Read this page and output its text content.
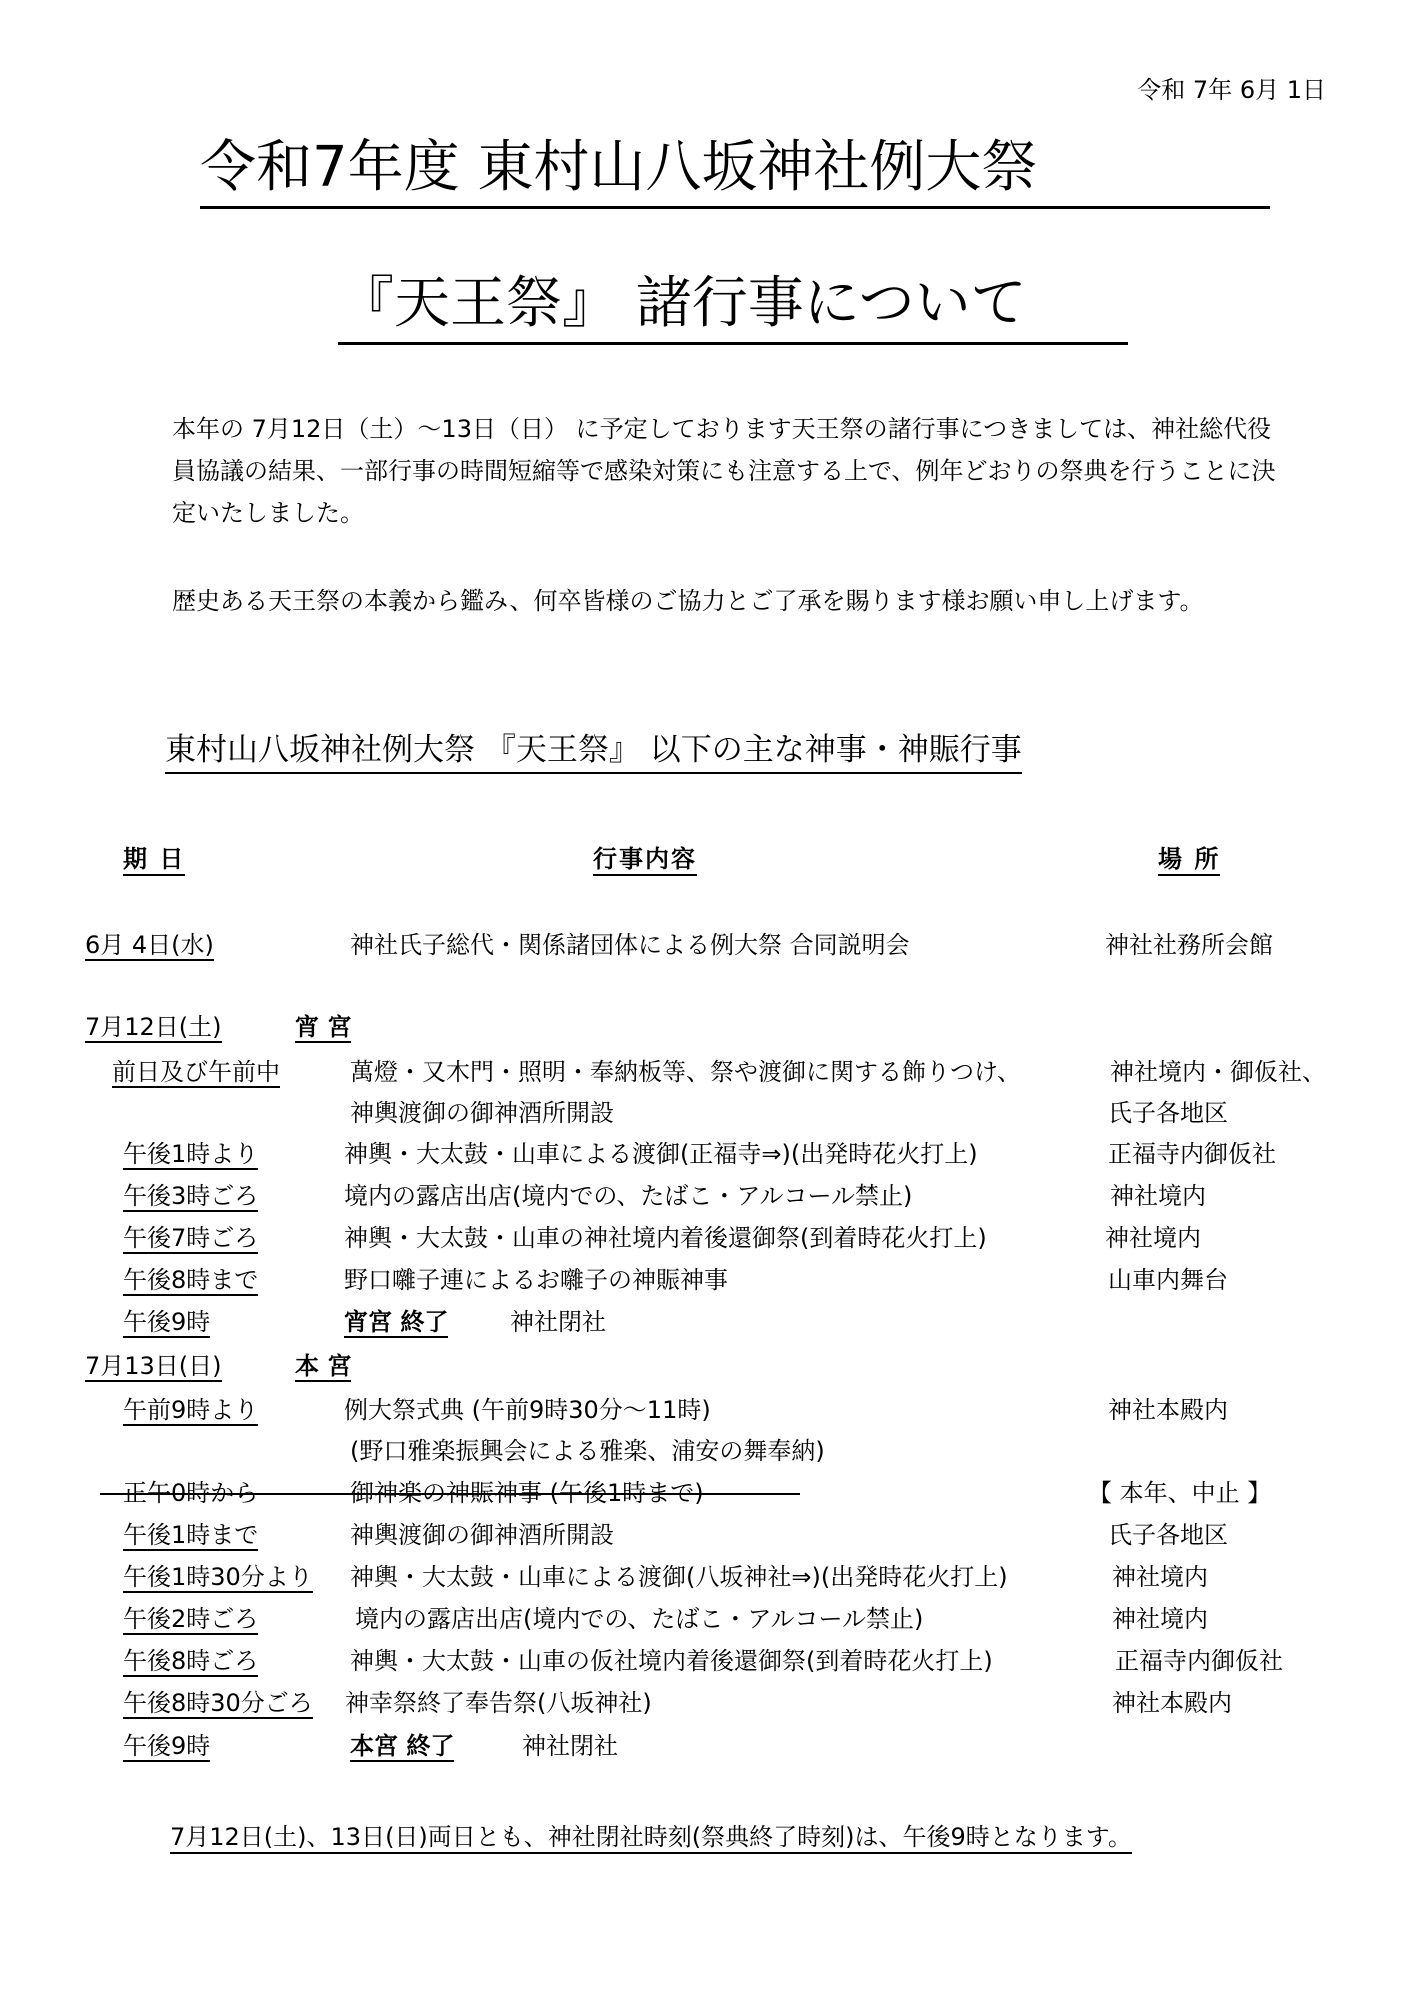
令和 7年 6月 1日
令和7年度 東村山八坂神社例大祭
『天王祭』 諸行事について
本年の 7月12日（土）～13日（日） に予定しております天王祭の諸行事につきましては、神社総代役員協議の結果、一部行事の時間短縮等で感染対策にも注意する上で、例年どおりの祭典を行うことに決定いたしました。
歴史ある天王祭の本義から鑑み、何卒皆様のご協力とご了承を賜ります様お願い申し上げます。
東村山八坂神社例大祭 『天王祭』 以下の主な神事・神賑行事
期 日	行事内容	場 所
6月 4日(水)	神社氏子総代・関係諸団体による例大祭 合同説明会	神社社務所会館
7月12日(土)	宵 宮
前日及び午前中	萬燈・又木門・照明・奉納板等、祭や渡御に関する飾りつけ、	神社境内・御仮社、
神輿渡御の御神酒所開設	氏子各地区
午後1時より	神輿・大太鼓・山車による渡御(正福寺⇒)(出発時花火打上)	正福寺内御仮社
午後3時ごろ	境内の露店出店(境内での、たばこ・アルコール禁止)	神社境内
午後7時ごろ	神輿・大太鼓・山車の神社境内着後還御祭(到着時花火打上)	神社境内
午後8時まで	野口囃子連によるお囃子の神賑神事	山車内舞台
午後9時	宵宮 終了	神社閉社
7月13日(日)	本 宮
午前9時より	例大祭式典 (午前9時30分～11時)	神社本殿内
(野口雅楽振興会による雅楽、浦安の舞奉納)
正午0時から	御神楽の神賑神事 (午後1時まで)	【 本年、中止 】
午後1時まで	神輿渡御の御神酒所開設	氏子各地区
午後1時30分より 神輿・大太鼓・山車による渡御(八坂神社⇒)(出発時花火打上)	神社境内
午後2時ごろ	境内の露店出店(境内での、たばこ・アルコール禁止)	神社境内
午後8時ごろ	神輿・大太鼓・山車の仮社境内着後還御祭(到着時花火打上)	正福寺内御仮社
午後8時30分ごろ 神幸祭終了奉告祭(八坂神社)	神社本殿内
午後9時	本宮 終了	神社閉社
7月12日(土)、13日(日)両日とも、神社閉社時刻(祭典終了時刻)は、午後9時となります。
